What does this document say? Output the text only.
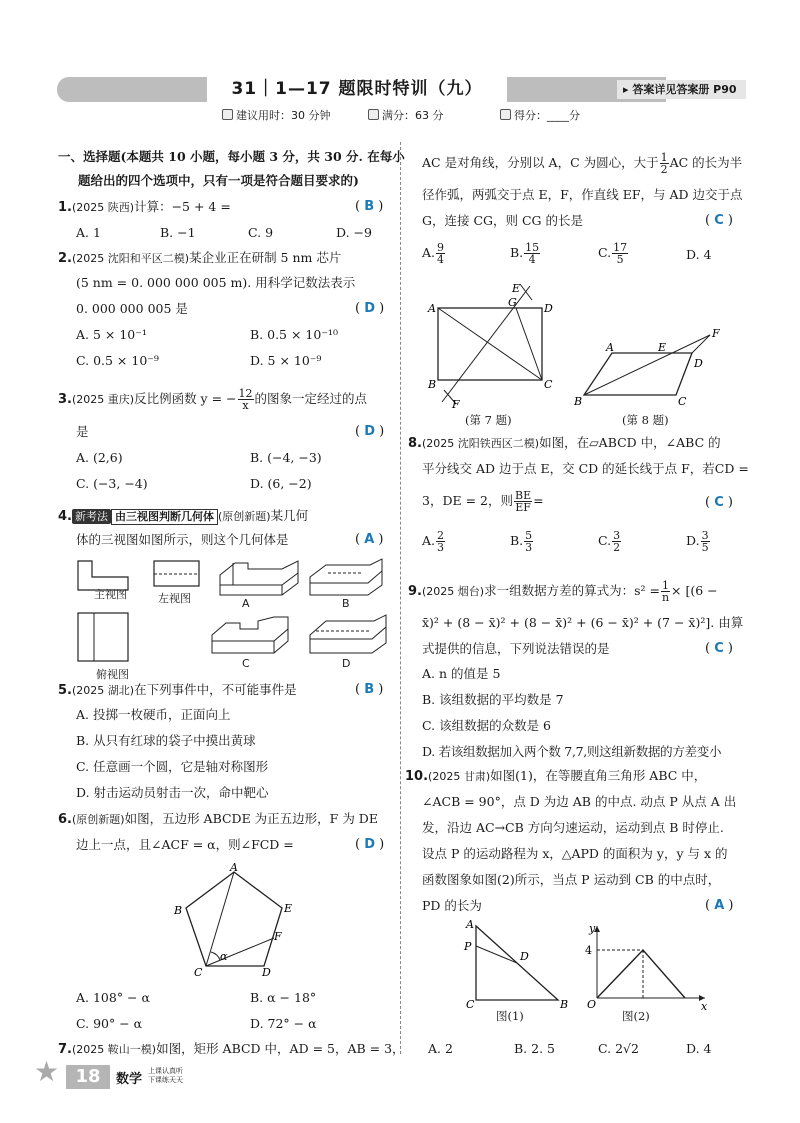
31｜1—17 题限时特训（九）	▸ 答案详见答案册 P90
建议用时：30 分钟	满分：63 分	得分：____分
一、选择题(本题共 10 小题，每小题 3 分，共 30 分. 在每小
题给出的四个选项中，只有一项是符合题目要求的)
1.(2025 陕西)计算：−5 + 4 =	( B )
A. 1	B. −1	C. 9	D. −9
2.(2025 沈阳和平区二模)某企业正在研制 5 nm 芯片
(5 nm = 0. 000 000 005 m). 用科学记数法表示
0. 000 000 005 是	( D )
A. 5 × 10⁻¹	B. 0.5 × 10⁻¹⁰
C. 0.5 × 10⁻⁹	D. 5 × 10⁻⁹
3.(2025 重庆)反比例函数 y = − $\frac{12}{x}$ 的图象一定经过的点
是	( D )
A. (2,6)	B. (−4, −3)
C. (−3, −4)	D. (6, −2)
4. 新考法 由三视图判断几何体 (原创新题)某几何
体的三视图如图所示，则这个几何体是	( A )
主视图	左视图
俯视图
A	B
C	D
5.(2025 湖北)在下列事件中，不可能事件是	( B )
A. 投掷一枚硬币，正面向上
B. 从只有红球的袋子中摸出黄球
C. 任意画一个圆，它是轴对称图形
D. 射击运动员射击一次，命中靶心
6.(原创新题)如图，五边形 ABCDE 为正五边形，F 为 DE
边上一点，且∠ACF = α，则∠FCD =	( D )
A
B
C	D
E
F
α
A. 108° − α	B. α − 18°
C. 90° − α	D. 72° − α
7.(2025 鞍山一模)如图，矩形 ABCD 中，AD = 5，AB = 3，
AC 是对角线，分别以 A，C 为圆心，大于 $\frac{1}{2}$ AC 的长为半
径作弧，两弧交于点 E，F，作直线 EF，与 AD 边交于点
G，连接 CG，则 CG 的长是	( C )
A. $\frac{9}{4}$	B. $\frac{15}{4}$	C. $\frac{17}{5}$	D. 4
A
B	C
D
E
F
G
(第 7 题)
A
B	C
D
E
F
(第 8 题)
8.(2025 沈阳铁西区二模)如图，在▱ABCD 中，∠ABC 的
平分线交 AD 边于点 E，交 CD 的延长线于点 F，若CD =
3，DE = 2，则 $\frac{BE}{EF}$ =	( C )
A. $\frac{2}{3}$	B. $\frac{5}{3}$	C. $\frac{3}{2}$	D. $\frac{3}{5}$
9.(2025 烟台)求一组数据方差的算式为：$s^2 = \frac{1}{n} \times [(6$ −
x̄)² + (8 − x̄)² + (8 − x̄)² + (6 − x̄)² + (7 − x̄)²]. 由算
式提供的信息，下列说法错误的是	( C )
A. n 的值是 5
B. 该组数据的平均数是 7
C. 该组数据的众数是 6
D. 若该组数据加入两个数 7,7,则这组新数据的方差变小
10.(2025 甘肃)如图(1)，在等腰直角三角形 ABC 中，
∠ACB = 90°，点 D 为边 AB 的中点. 动点 P 从点 A 出
发，沿边 AC→CB 方向匀速运动，运动到点 B 时停止.
设点 P 的运动路程为 x，△APD 的面积为 y，y 与 x 的
函数图象如图(2)所示，当点 P 运动到 CB 的中点时，
PD 的长为	( A )
A
P
D
C	B
图(1)
y
4
O	x
图(2)
A. 2	B. 2. 5	C. 2√2	D. 4
★ 18	数学
上课认真听
下课练天天
